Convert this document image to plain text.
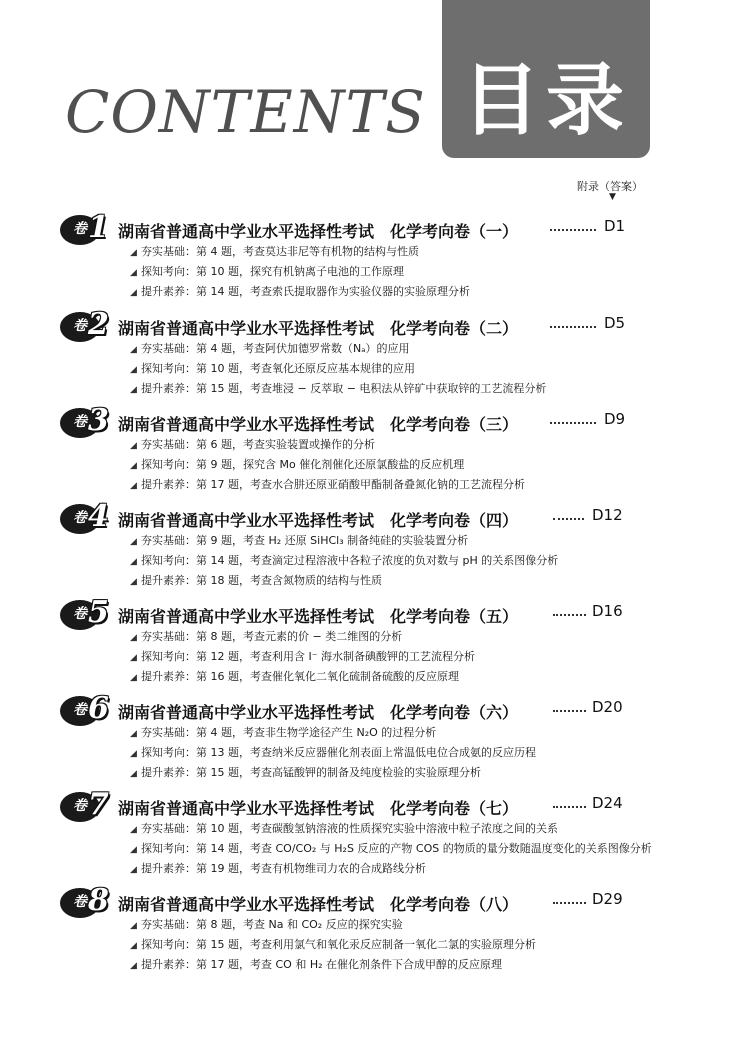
CONTENTS 目录
附录（答案）
▼
卷 1 湖南省普通高中学业水平选择性考试　化学考向卷（一）	D1
◢ 夯实基础：第 4 题，考查莫达非尼等有机物的结构与性质
◢ 探知考向：第 10 题，探究有机钠离子电池的工作原理
◢ 提升素养：第 14 题，考查索氏提取器作为实验仪器的实验原理分析
卷 2 湖南省普通高中学业水平选择性考试　化学考向卷（二）	D5
◢ 夯实基础：第 4 题，考查阿伏加德罗常数（Nₐ）的应用
◢ 探知考向：第 10 题，考查氧化还原反应基本规律的应用
◢ 提升素养：第 15 题，考查堆浸 − 反萃取 − 电积法从锌矿中获取锌的工艺流程分析
卷 3 湖南省普通高中学业水平选择性考试　化学考向卷（三）	D9
◢ 夯实基础：第 6 题，考查实验装置或操作的分析
◢ 探知考向：第 9 题，探究含 Mo 催化剂催化还原氯酸盐的反应机理
◢ 提升素养：第 17 题，考查水合肼还原亚硝酸甲酯制备叠氮化钠的工艺流程分析
卷 4 湖南省普通高中学业水平选择性考试　化学考向卷（四）	D12
◢ 夯实基础：第 9 题，考查 H₂ 还原 SiHCl₃ 制备纯硅的实验装置分析
◢ 探知考向：第 14 题，考查滴定过程溶液中各粒子浓度的负对数与 pH 的关系图像分析
◢ 提升素养：第 18 题，考查含氮物质的结构与性质
卷 5 湖南省普通高中学业水平选择性考试　化学考向卷（五）	D16
◢ 夯实基础：第 8 题，考查元素的价 − 类二维图的分析
◢ 探知考向：第 12 题，考查利用含 I⁻ 海水制备碘酸钾的工艺流程分析
◢ 提升素养：第 16 题，考查催化氧化二氧化硫制备硫酸的反应原理
卷 6 湖南省普通高中学业水平选择性考试　化学考向卷（六）	D20
◢ 夯实基础：第 4 题，考查非生物学途径产生 N₂O 的过程分析
◢ 探知考向：第 13 题，考查纳米反应器催化剂表面上常温低电位合成氨的反应历程
◢ 提升素养：第 15 题，考查高锰酸钾的制备及纯度检验的实验原理分析
卷 7 湖南省普通高中学业水平选择性考试　化学考向卷（七）	D24
◢ 夯实基础：第 10 题，考查碳酸氢钠溶液的性质探究实验中溶液中粒子浓度之间的关系
◢ 探知考向：第 14 题，考查 CO/CO₂ 与 H₂S 反应的产物 COS 的物质的量分数随温度变化的关系图像分析
◢ 提升素养：第 19 题，考查有机物维司力农的合成路线分析
卷 8 湖南省普通高中学业水平选择性考试　化学考向卷（八）	D29
◢ 夯实基础：第 8 题，考查 Na 和 CO₂ 反应的探究实验
◢ 探知考向：第 15 题，考查利用氯气和氧化汞反应制备一氧化二氯的实验原理分析
◢ 提升素养：第 17 题，考查 CO 和 H₂ 在催化剂条件下合成甲醇的反应原理
